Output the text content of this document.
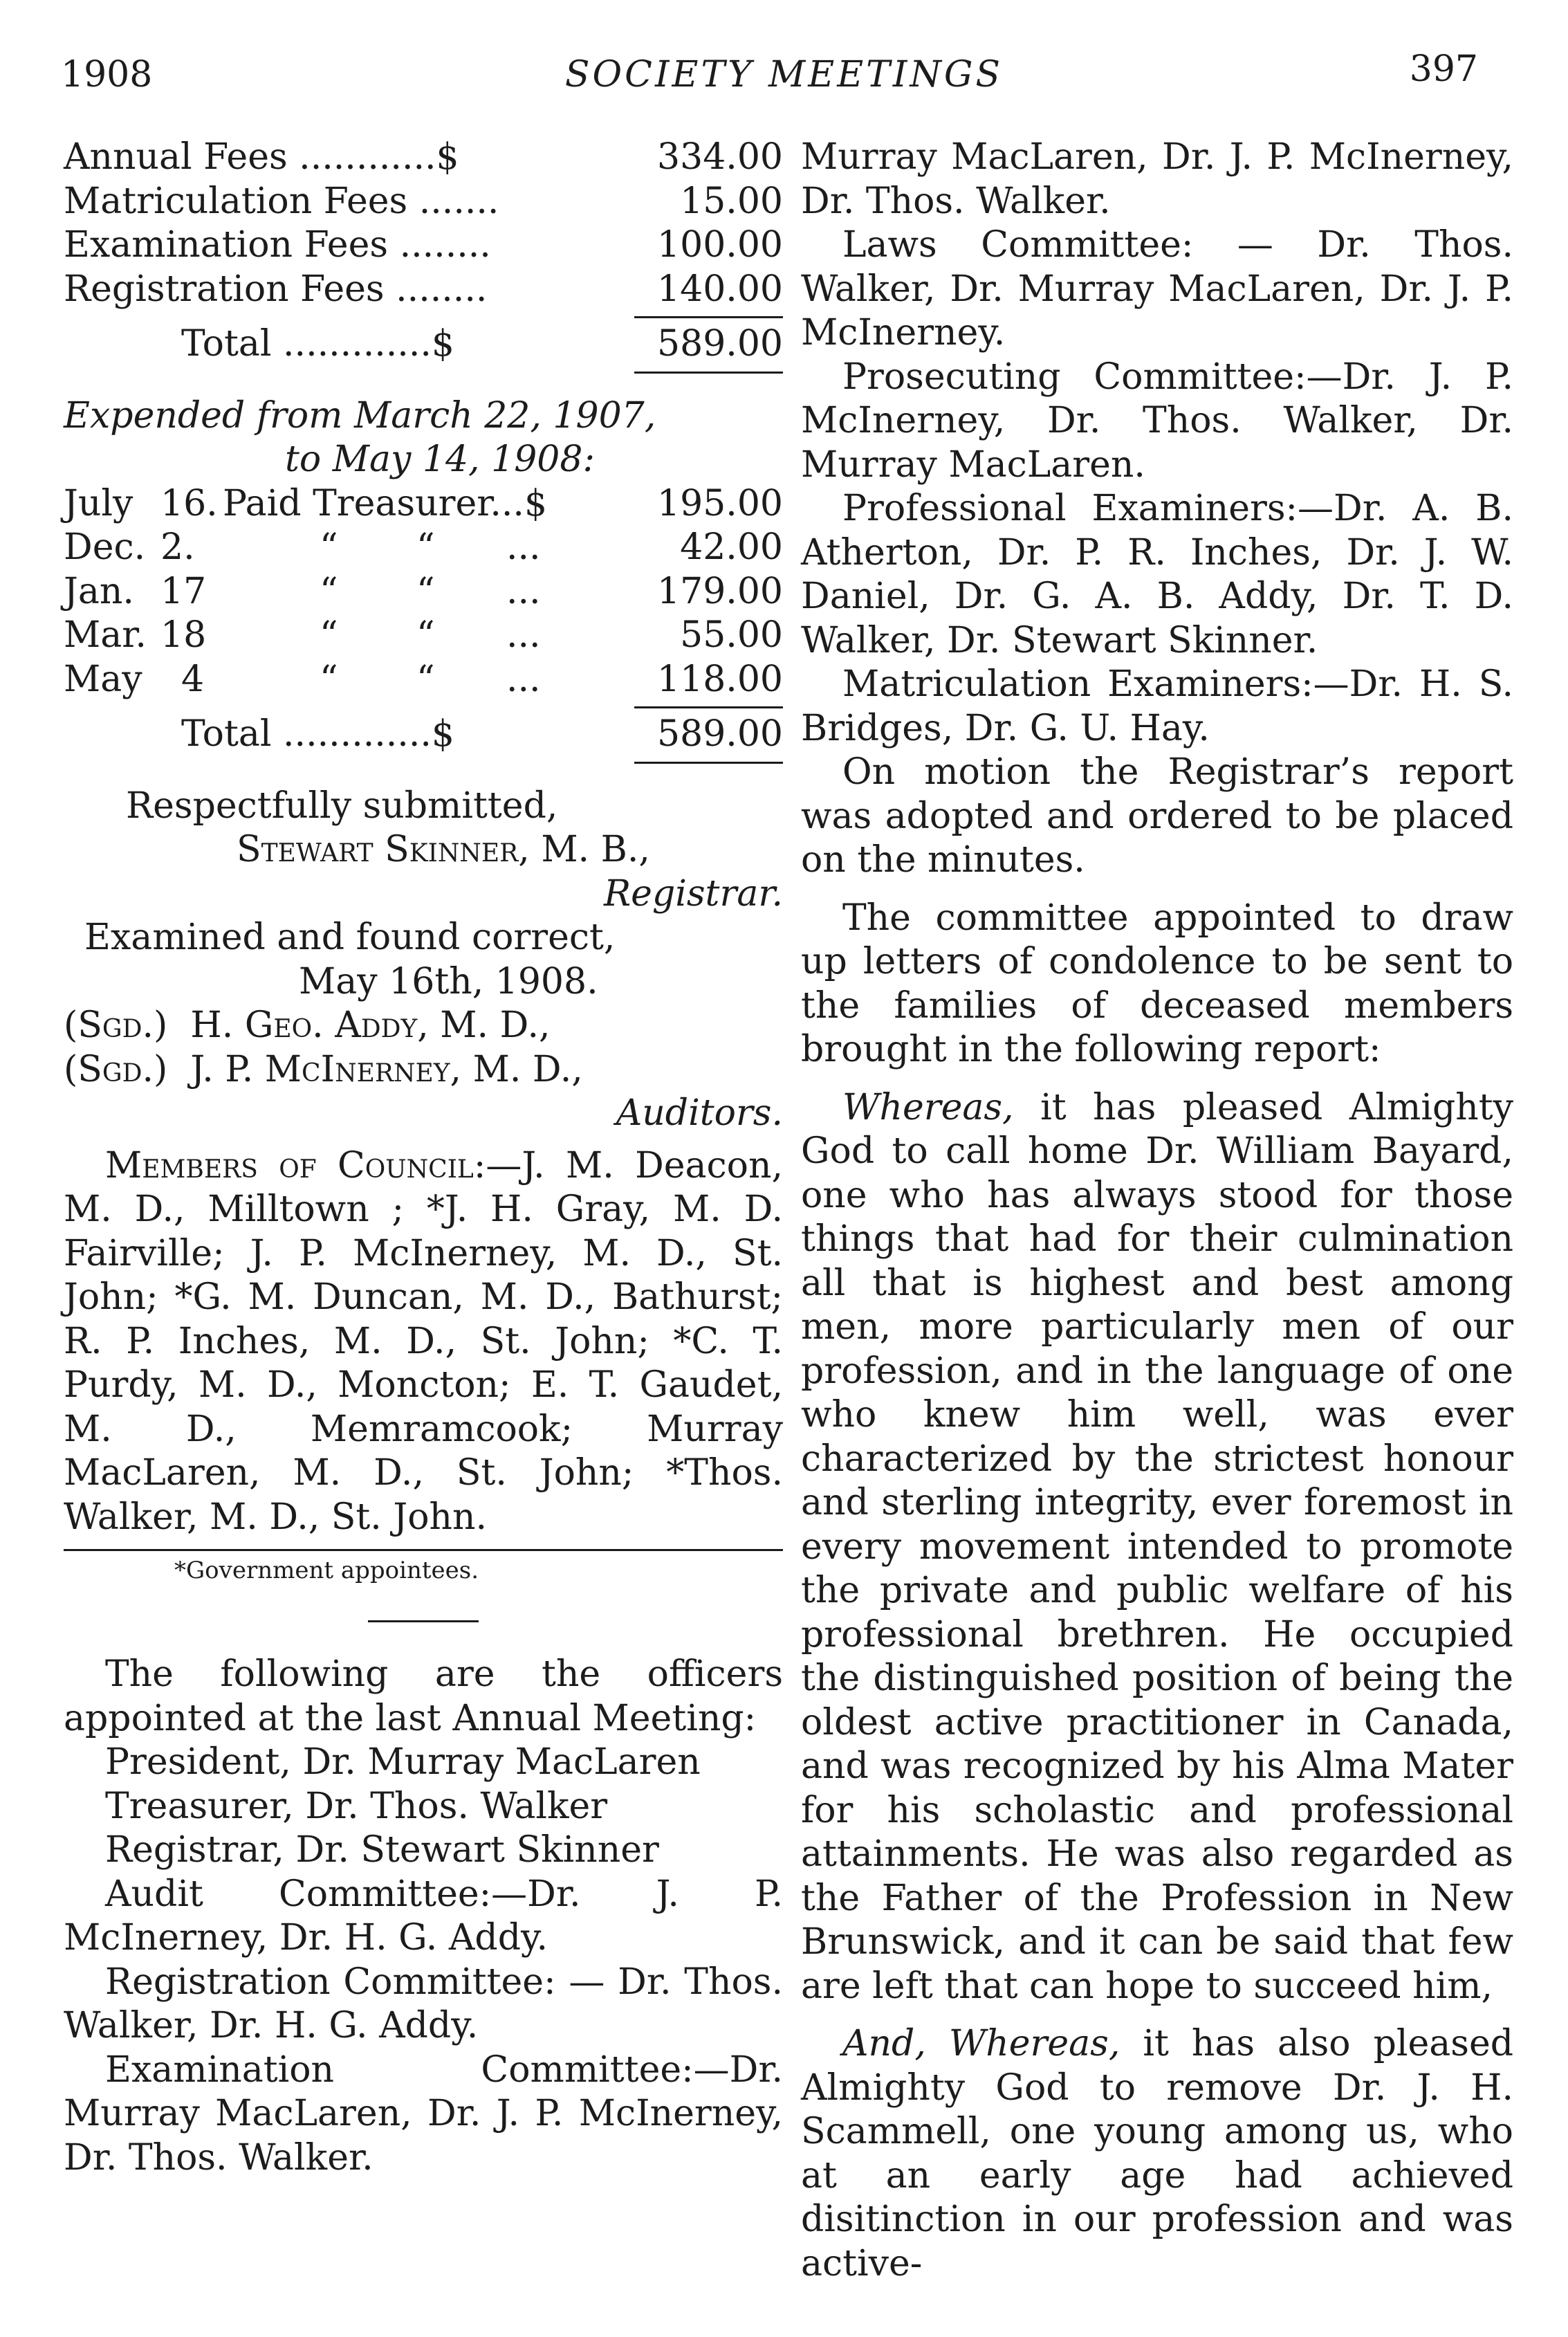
1908	SOCIETY MEETINGS	397
Annual Fees ............$	334.00
Matriculation Fees .......	15.00
Examination Fees ........	100.00
Registration Fees ........	140.00
Total .............$	589.00
Expended from March 22, 1907,
to May 14, 1908:
July 16. Paid Treasurer...$	195.00
Dec. 2.	“ “ ...	42.00
Jan. 17	“ “ ...	179.00
Mar. 18	“ “ ...	55.00
May 4	“ “ ...	118.00
Total .............$	589.00
Respectfully submitted,
Stewart Skinner, M. B.,
Registrar.
Examined and found correct,
May 16th, 1908.
(Sgd.)  H. Geo. Addy, M. D.,
(Sgd.)  J. P. McInerney, M. D.,
Auditors.

Members of Council:—J. M. Deacon, M. D., Milltown ; *J. H. Gray, M. D. Fairville; J. P. McInerney, M. D., St. John; *G. M. Duncan, M. D., Bathurst; R. P. Inches, M. D., St. John; *C. T. Purdy, M. D., Moncton; E. T. Gaudet, M. D., Memramcook; Murray MacLaren, M. D., St. John; *Thos. Walker, M. D., St. John.

*Government appointees.

The following are the officers appointed at the last Annual Meeting:

President, Dr. Murray MacLaren
Treasurer, Dr. Thos. Walker
Registrar, Dr. Stewart Skinner

Audit Committee:—Dr. J. P. McInerney, Dr. H. G. Addy.

Registration Committee: — Dr. Thos. Walker, Dr. H. G. Addy.

Examination Committee:—Dr. Murray MacLaren, Dr. J. P. McInerney, Dr. Thos. Walker.

Murray MacLaren, Dr. J. P. McInerney, Dr. Thos. Walker.

Laws Committee: — Dr. Thos. Walker, Dr. Murray MacLaren, Dr. J. P. McInerney.

Prosecuting Committee:—Dr. J. P. McInerney, Dr. Thos. Walker, Dr. Murray MacLaren.

Professional Examiners:—Dr. A. B. Atherton, Dr. P. R. Inches, Dr. J. W. Daniel, Dr. G. A. B. Addy, Dr. T. D. Walker, Dr. Stewart Skinner.

Matriculation Examiners:—Dr. H. S. Bridges, Dr. G. U. Hay.

On motion the Registrar’s report was adopted and ordered to be placed on the minutes.

The committee appointed to draw up letters of condolence to be sent to the families of deceased members brought in the following report:

Whereas, it has pleased Almighty God to call home Dr. William Bayard, one who has always stood for those things that had for their culmination all that is highest and best among men, more particularly men of our profession, and in the language of one who knew him well, was ever characterized by the strictest honour and sterling integrity, ever foremost in every movement intended to promote the private and public welfare of his professional brethren. He occupied the distinguished position of being the oldest active practitioner in Canada, and was recognized by his Alma Mater for his scholastic and professional attainments. He was also regarded as the Father of the Profession in New Brunswick, and it can be said that few are left that can hope to succeed him,

And, Whereas, it has also pleased Almighty God to remove Dr. J. H. Scammell, one young among us, who at an early age had achieved disitinction in our profession and was active-
